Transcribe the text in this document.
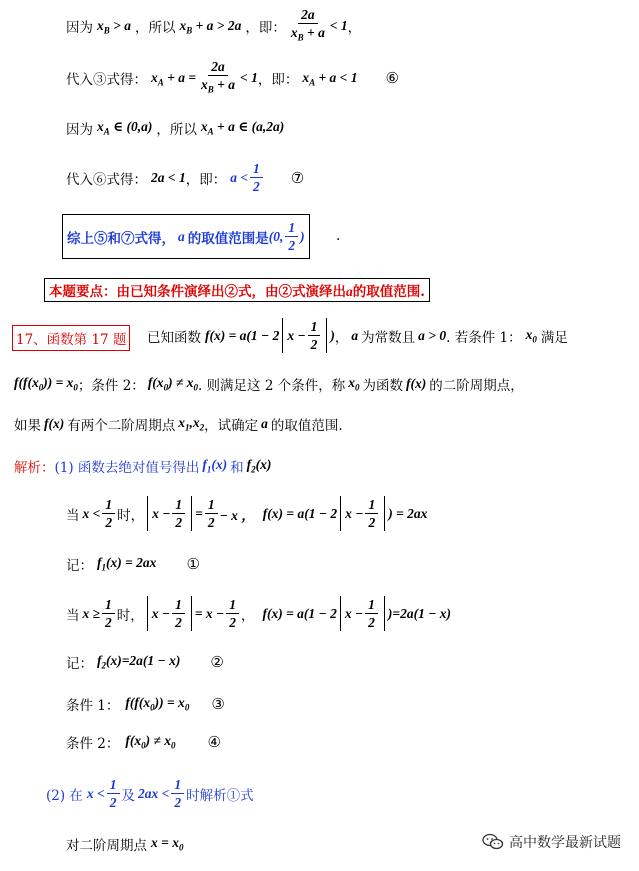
因为 $x_B > a$ ，所以 $x_B + a > 2a$ ，即： $\frac{2a}{x_B + a} < 1$ ，
代入③式得： $x_A + a = \frac{2a}{x_B + a} < 1$ ，即： $x_A + a < 1$ ⑥
因为 $x_A$ ∈ (0,a) ，所以 $x_A + a$ ∈ (a,2a)
代入⑥式得： 2a < 1 ，即： $a < \frac{1}{2}$ ⑦
综上⑤和⑦式得， a 的取值范围是 (0, $\frac{1}{2}$ ) .
本题要点：由已知条件演绎出②式，由②式演绎出a的取值范围.
17、函数第 17 题 已知函数 f(x) = a(1 − 2 $x - \frac{1}{2}$ ) ， a 为常数且 a > 0 . 若条件 1： $x_0$ 满足
$f(f(x_0)) = x_0$ ；条件 2： $f(x_0) \ne x_0$ . 则满足这 2 个条件，称 $x_0$ 为函数 f(x) 的二阶周期点，
如果 f(x) 有两个二阶周期点 $x_1,x_2$ ，试确定 a 的取值范围.
解析： (1) 函数去绝对值号得出 $f_1(x)$ 和 $f_2(x)$
当 $x < \frac{1}{2}$ 时， $x - \frac{1}{2} = \frac{1}{2} - x$ ， f(x) = a(1 − 2 $x - \frac{1}{2}$ ) = 2ax
记： $f_1(x) = 2ax$ ①
当 $x \ge \frac{1}{2}$ 时， $x - \frac{1}{2} = x - \frac{1}{2}$ ， f(x) = a(1 − 2 $x - \frac{1}{2} )=2a(1 - x)$
记： $f_2(x)=2a(1 - x)$ ②
条件 1： $f(f(x_0)) = x_0$ ③
条件 2： $f(x_0) \ne x_0$ ④
(2) 在 $x < \frac{1}{2}$ 及 $2ax < \frac{1}{2}$ 时解析①式
对二阶周期点 $x = x_0$	高中数学最新试题
